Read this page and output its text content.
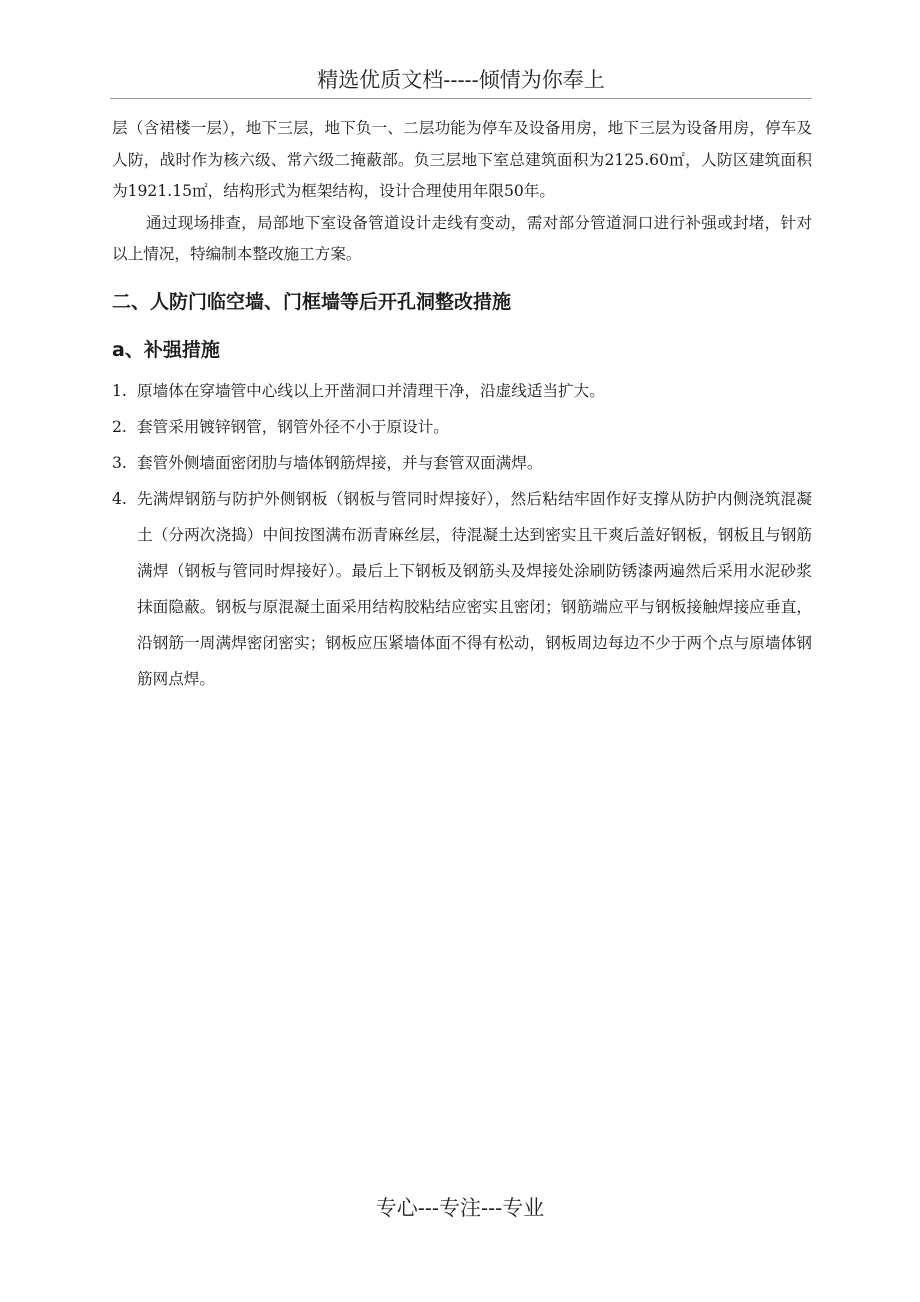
精选优质文档-----倾情为你奉上

层（含裙楼一层），地下三层，地下负一、二层功能为停车及设备用房，地下三层为设备用房，停车及人防，战时作为核六级、常六级二掩蔽部。负三层地下室总建筑面积为2125.60㎡，人防区建筑面积为1921.15㎡，结构形式为框架结构，设计合理使用年限50年。

通过现场排查，局部地下室设备管道设计走线有变动，需对部分管道洞口进行补强或封堵，针对以上情况，特编制本整改施工方案。

二、人防门临空墙、门框墙等后开孔洞整改措施
a、补强措施
1. 原墙体在穿墙管中心线以上开凿洞口并清理干净，沿虚线适当扩大。
2. 套管采用镀锌钢管，钢管外径不小于原设计。
3. 套管外侧墙面密闭肋与墙体钢筋焊接，并与套管双面满焊。
4. 先满焊钢筋与防护外侧钢板（钢板与管同时焊接好），然后粘结牢固作好支撑从防护内侧浇筑混凝土（分两次浇捣）中间按图满布沥青麻丝层，待混凝土达到密实且干爽后盖好钢板，钢板且与钢筋满焊（钢板与管同时焊接好）。最后上下钢板及钢筋头及焊接处涂刷防锈漆两遍然后采用水泥砂浆抹面隐蔽。钢板与原混凝土面采用结构胶粘结应密实且密闭；钢筋端应平与钢板接触焊接应垂直，沿钢筋一周满焊密闭密实；钢板应压紧墙体面不得有松动，钢板周边每边不少于两个点与原墙体钢筋网点焊。
专心---专注---专业
